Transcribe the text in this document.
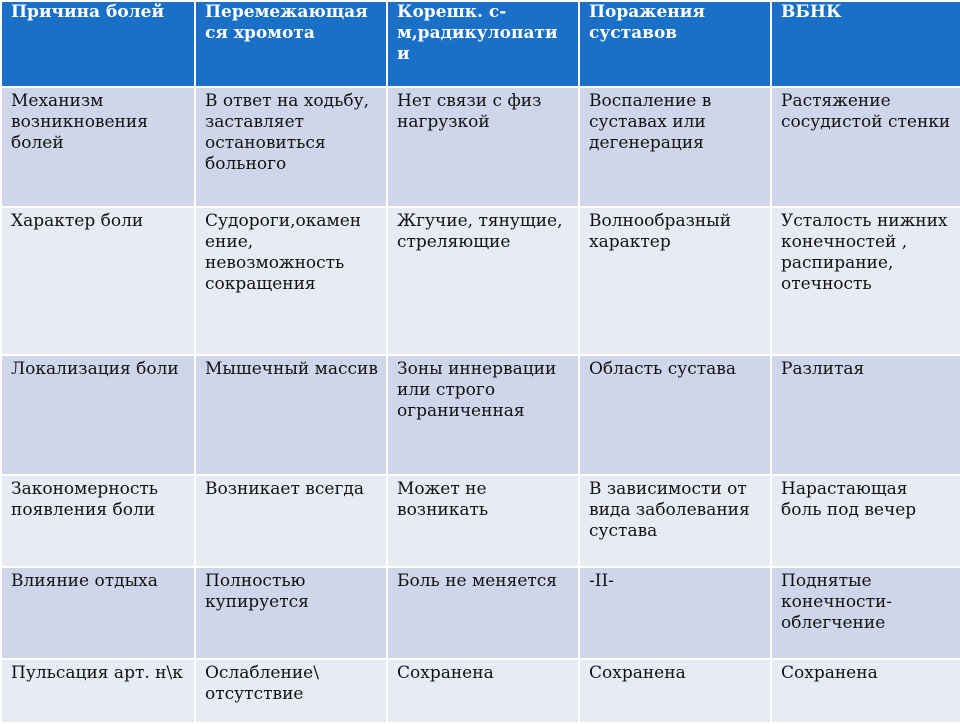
Причина болей	Перемежающая ся хромота	Корешк. с-м,радикулопати и	Поражения суставов	ВБНК
Механизм возникновения болей	В ответ на ходьбу, заставляет остановиться больного	Нет связи с физ нагрузкой	Воспаление в суставах или дегенерация	Растяжение сосудистой стенки
Характер боли	Судороги,окамен ение, невозможность сокращения	Жгучие, тянущие, стреляющие	Волнообразный характер	Усталость нижних конечностей , распирание, отечность
Локализация боли	Мышечный массив	Зоны иннервации или строго ограниченная	Область сустава	Разлитая
Закономерность появления боли	Возникает всегда	Может не возникать	В зависимости от вида заболевания сустава	Нарастающая боль под вечер
Влияние отдыха	Полностью купируется	Боль не меняется	-II-	Поднятые конечности- облегчение
Пульсация арт. н\к	Ослабление\ отсутствие	Сохранена	Сохранена	Сохранена
